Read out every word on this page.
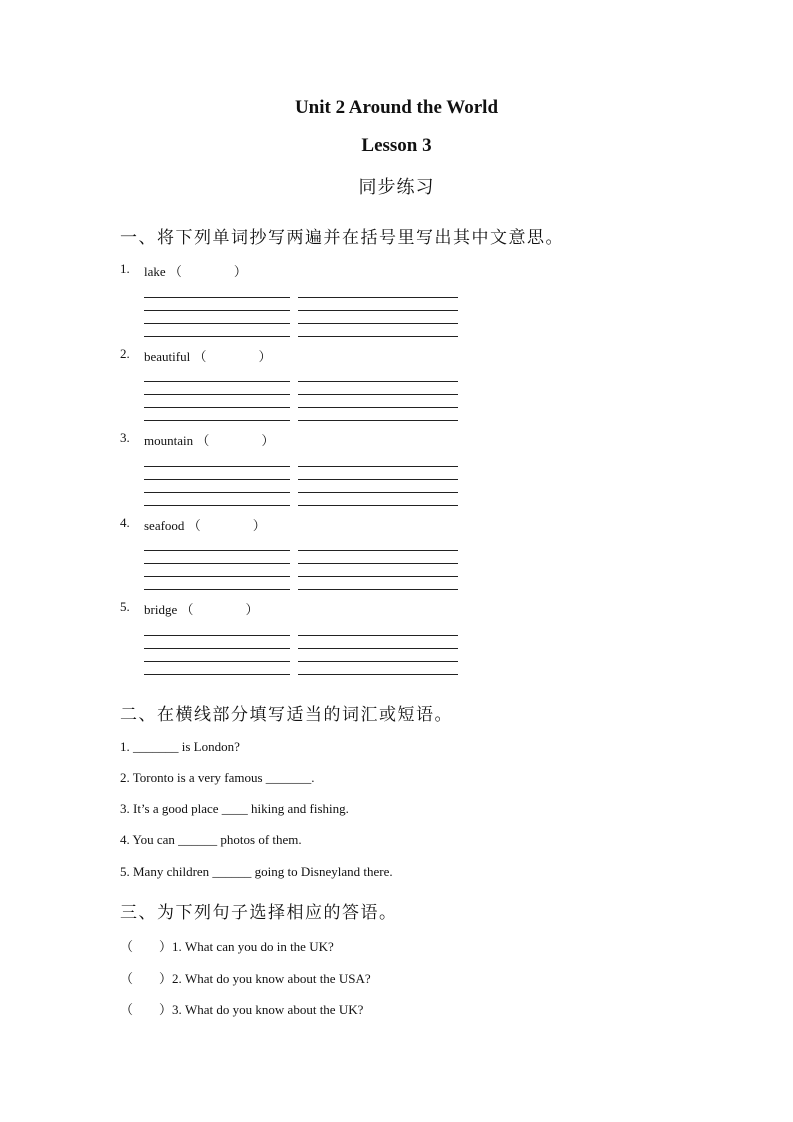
Unit 2 Around the World
Lesson 3
同步练习
一、将下列单词抄写两遍并在括号里写出其中文意思。
1. lake （　　　　）
2. beautiful （　　　　）
3. mountain （　　　　）
4. seafood （　　　　）
5. bridge （　　　　）
二、在横线部分填写适当的词汇或短语。
1. _______ is London?
2. Toronto is a very famous _______.
3. It’s a good place ____ hiking and fishing.
4. You can ______ photos of them.
5. Many children ______ going to Disneyland there.
三、为下列句子选择相应的答语。
（　　）1. What can you do in the UK?
（　　）2. What do you know about the USA?
（　　）3. What do you know about the UK?
